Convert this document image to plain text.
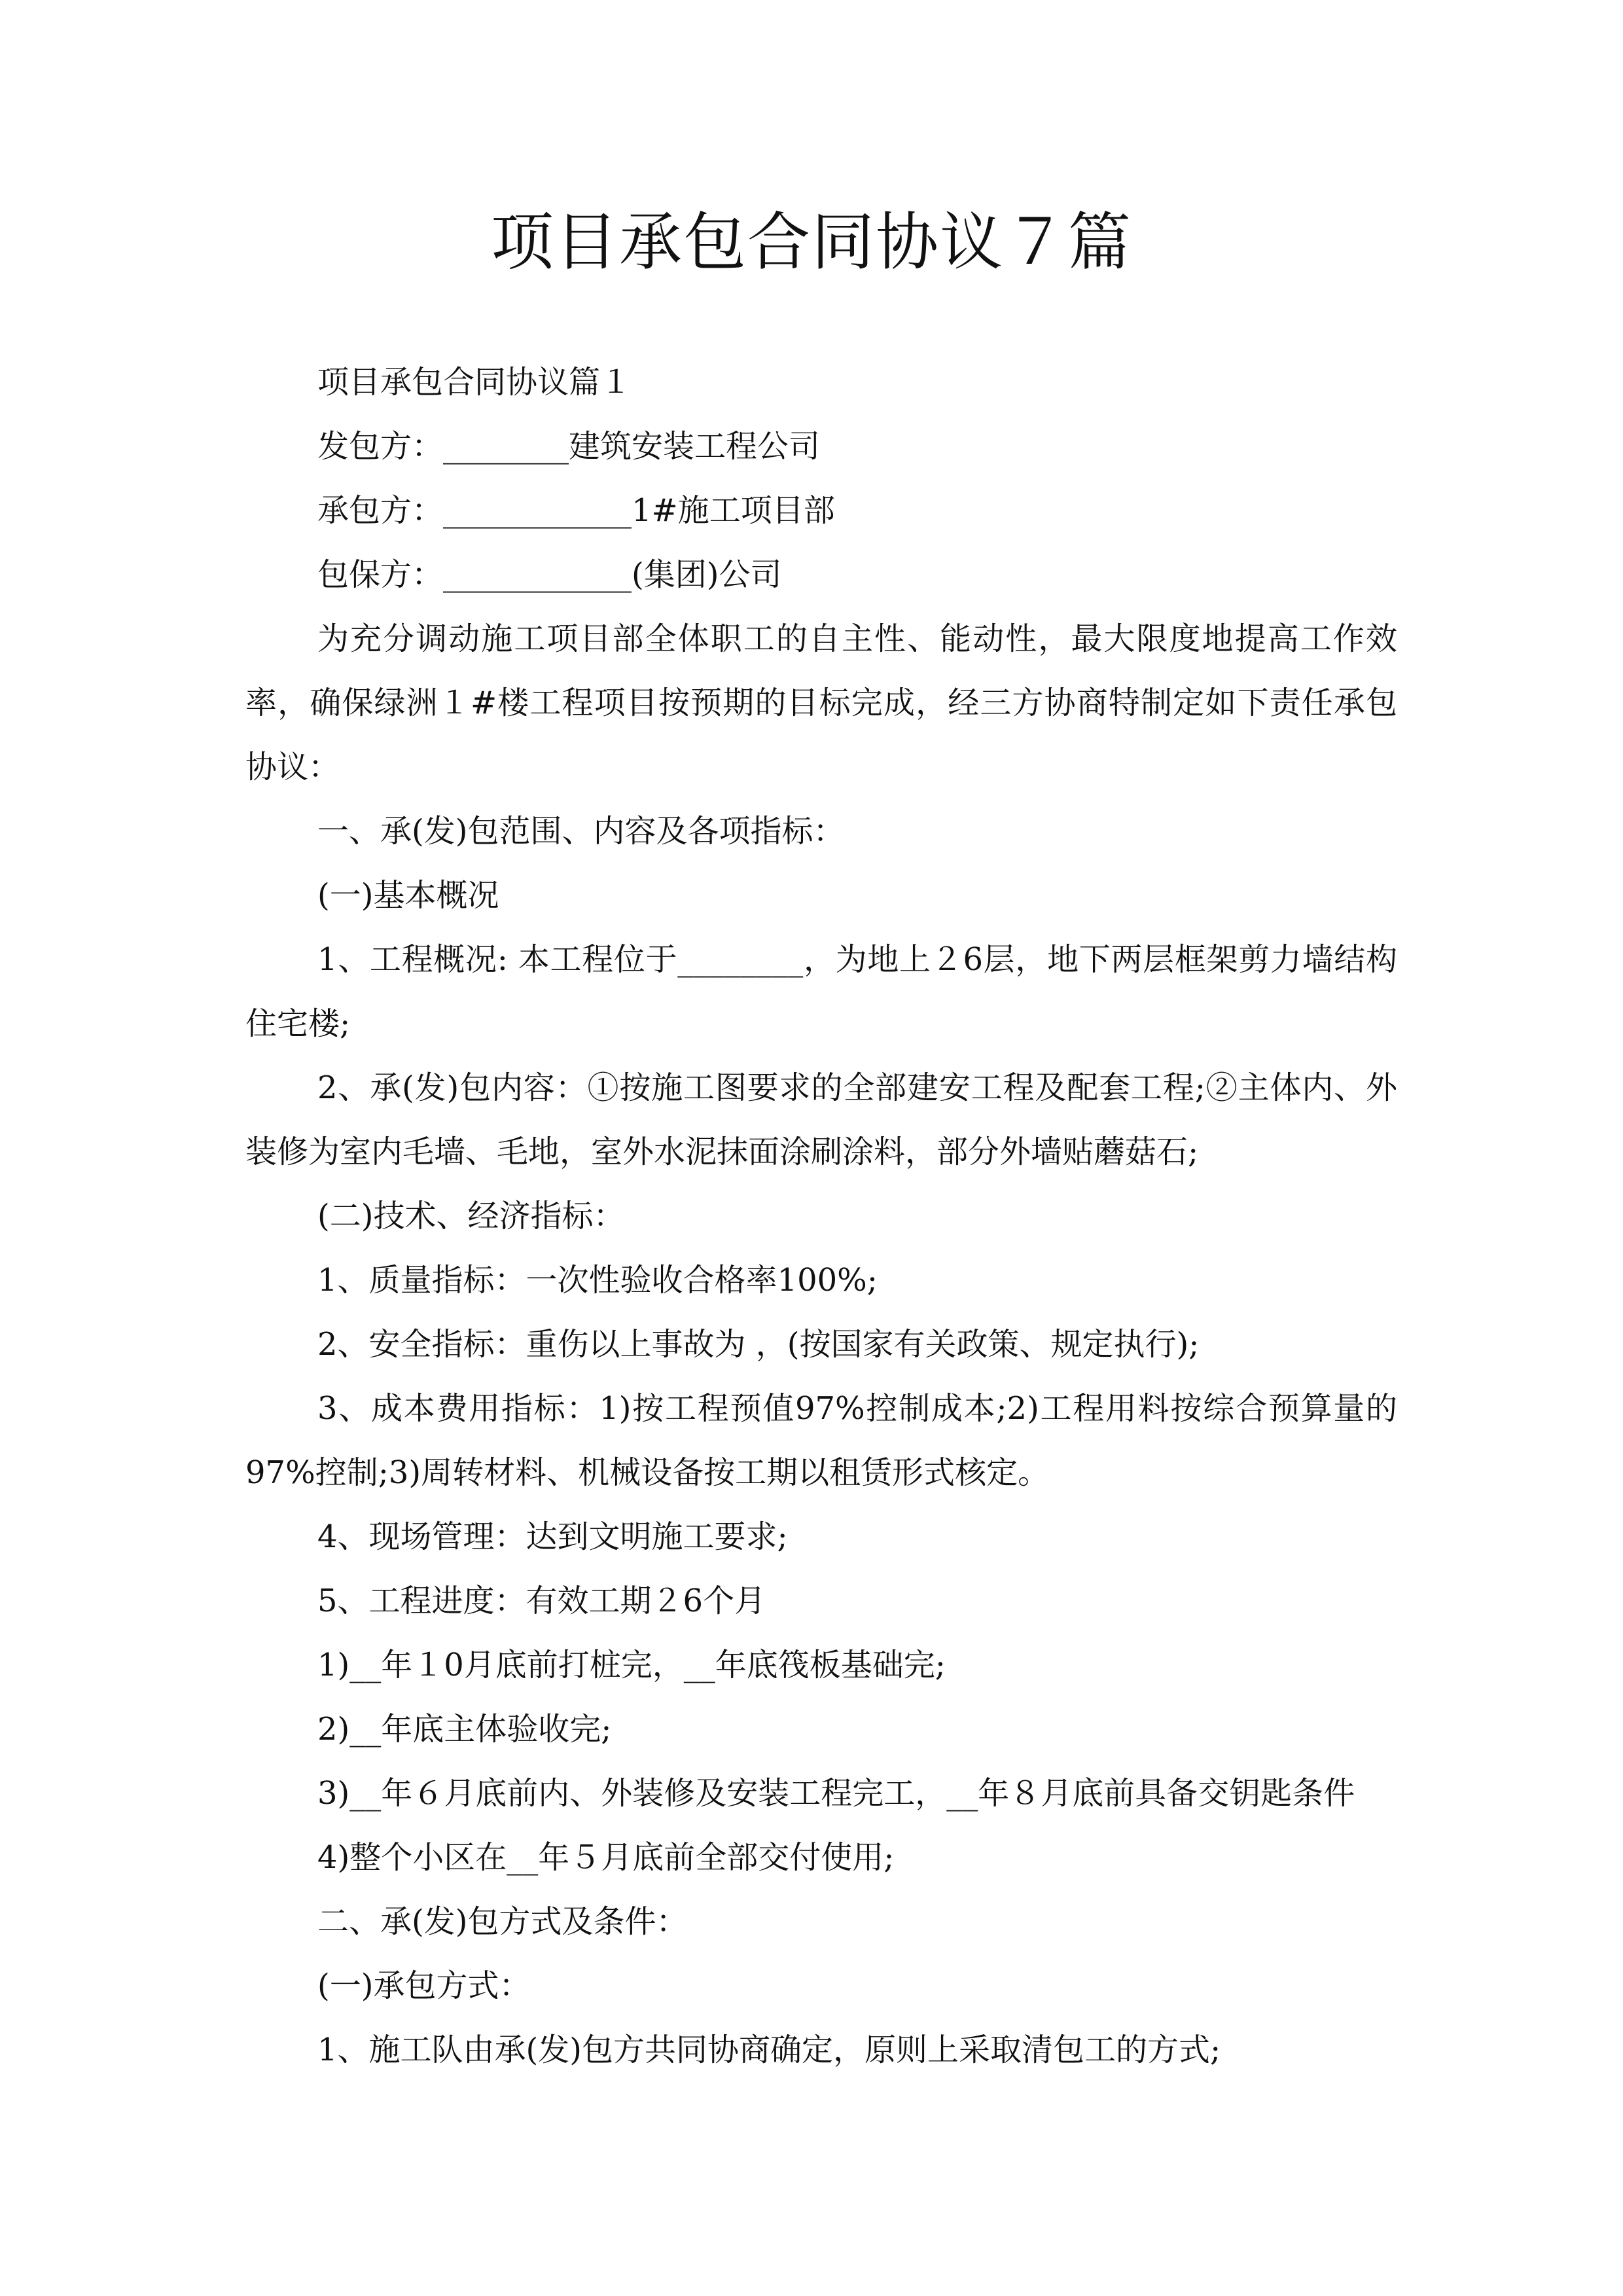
项目承包合同协议７篇

项目承包合同协议篇１

发包方：________建筑安装工程公司

承包方：____________1#施工项目部

包保方：____________(集团)公司

为充分调动施工项目部全体职工的自主性、能动性，最大限度地提高工作效率，确保绿洲１#楼工程项目按预期的目标完成，经三方协商特制定如下责任承包协议：

一、承(发)包范围、内容及各项指标：

(一)基本概况

1、工程概况: 本工程位于________，为地上２6层，地下两层框架剪力墙结构住宅楼;

2、承(发)包内容：①按施工图要求的全部建安工程及配套工程;②主体内、外装修为室内毛墙、毛地，室外水泥抹面涂刷涂料，部分外墙贴蘑菇石;

(二)技术、经济指标：

1、质量指标：一次性验收合格率100%;

2、安全指标：重伤以上事故为 ，(按国家有关政策、规定执行);

3、成本费用指标：1)按工程预值97%控制成本;2)工程用料按综合预算量的97%控制;3)周转材料、机械设备按工期以租赁形式核定。

4、现场管理：达到文明施工要求;

5、工程进度：有效工期２6个月

1)__年１0月底前打桩完，__年底筏板基础完;

2)__年底主体验收完;

3)__年６月底前内、外装修及安装工程完工，__年８月底前具备交钥匙条件

4)整个小区在__年５月底前全部交付使用;

二、承(发)包方式及条件：

(一)承包方式：

1、施工队由承(发)包方共同协商确定，原则上采取清包工的方式;
